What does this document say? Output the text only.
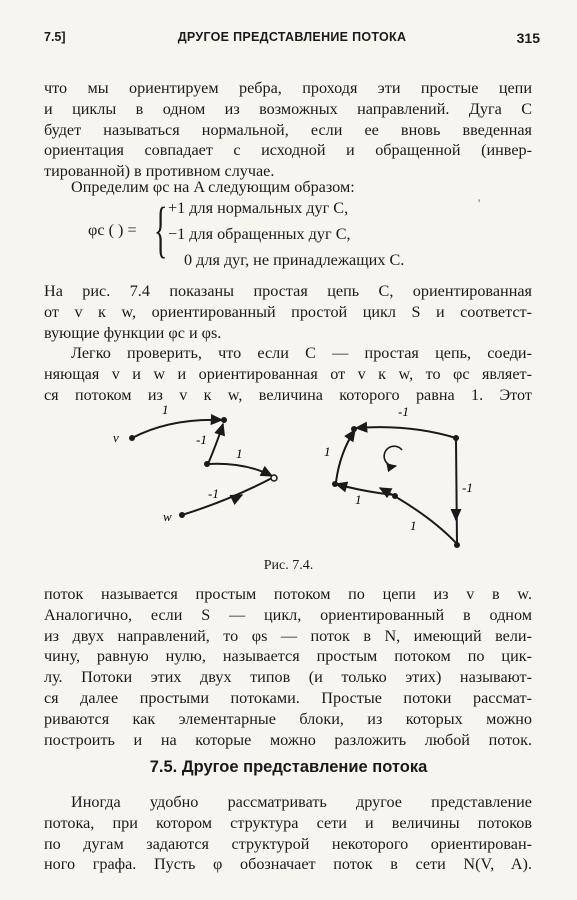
7.5]	ДРУГОЕ ПРЕДСТАВЛЕНИЕ ПОТОКА	315
что мы ориентируем ребра, проходя эти простые цепи
и циклы в одном из возможных направлений. Дуга C
будет называться нормальной, если ее вновь введенная
ориентация совпадает с исходной и обращенной (инвер-
тированной) в противном случае.
Определим φc на A следующим образом:
φc ( ) = { +1 для нормальных дуг C,
−1 для обращенных дуг C,
0 для дуг, не принадлежащих C.
'
На рис. 7.4 показаны простая цепь C, ориентированная
от v к w, ориентированный простой цикл S и соответст-
вующие функции φc и φs.
Легко проверить, что если C — простая цепь, соеди-
няющая v и w и ориентированная от v к w, то φc являет-
ся потоком из v к w, величина которого равна 1. Этот
v
w
1
-1
1
-1
-1
1
1
-1
1
Рис. 7.4.
поток называется простым потоком по цепи из v в w.
Аналогично, если S — цикл, ориентированный в одном
из двух направлений, то φs — поток в N, имеющий вели-
чину, равную нулю, называется простым потоком по цик-
лу. Потоки этих двух типов (и только этих) называют-
ся далее простыми потоками. Простые потоки рассмат-
риваются как элементарные блоки, из которых можно
построить и на которые можно разложить любой поток.
7.5. Другое представление потока
Иногда удобно рассматривать другое представление
потока, при котором структура сети и величины потоков
по дугам задаются структурой некоторого ориентирован-
ного графа. Пусть φ обозначает поток в сети N(V, A).
